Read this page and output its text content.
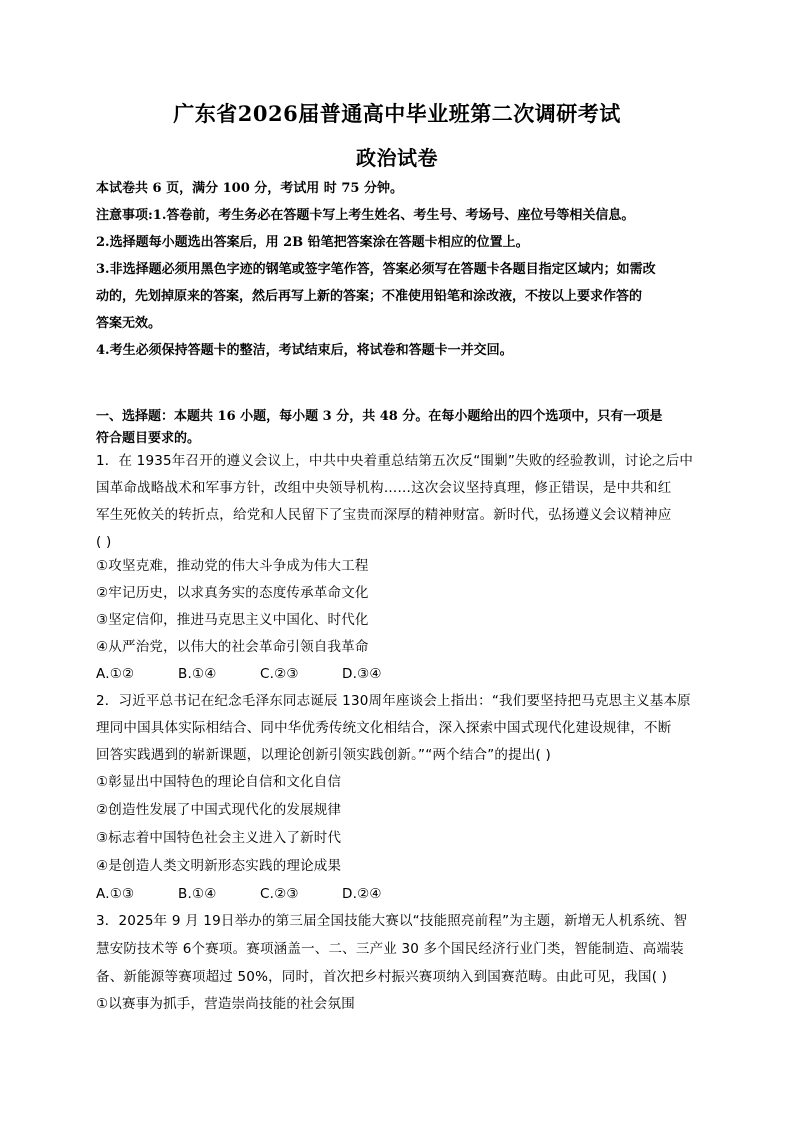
广东省2026届普通高中毕业班第二次调研考试
政治试卷
本试卷共 6 页，满分 100 分，考试用 时 75 分钟。
注意事项:1.答卷前，考生务必在答题卡写上考生姓名、考生号、考场号、座位号等相关信息。
2.选择题每小题选出答案后，用 2B 铅笔把答案涂在答题卡相应的位置上。
3.非选择题必须用黑色字迹的钢笔或签字笔作答，答案必须写在答题卡各题目指定区域内；如需改
动的，先划掉原来的答案，然后再写上新的答案；不准使用铅笔和涂改液，不按以上要求作答的
答案无效。
4.考生必须保持答题卡的整洁，考试结束后，将试卷和答题卡一并交回。
一、选择题：本题共 16 小题，每小题 3 分，共 48 分。在每小题给出的四个选项中，只有一项是
符合题目要求的。
1．在 1935年召开的遵义会议上，中共中央着重总结第五次反“围剿”失败的经验教训，讨论之后中
国革命战略战术和军事方针，改组中央领导机构……这次会议坚持真理，修正错误，是中共和红
军生死攸关的转折点，给党和人民留下了宝贵而深厚的精神财富。新时代，弘扬遵义会议精神应
( )
①攻坚克难，推动党的伟大斗争成为伟大工程
②牢记历史，以求真务实的态度传承革命文化
③坚定信仰，推进马克思主义中国化、时代化
④从严治党，以伟大的社会革命引领自我革命
A.①②	B.①④	C.②③	D.③④
2．习近平总书记在纪念毛泽东同志诞辰 130周年座谈会上指出：“我们要坚持把马克思主义基本原
理同中国具体实际相结合、同中华优秀传统文化相结合，深入探索中国式现代化建设规律，不断
回答实践遇到的崭新课题，以理论创新引领实践创新。”“两个结合”的提出( )
①彰显出中国特色的理论自信和文化自信
②创造性发展了中国式现代化的发展规律
③标志着中国特色社会主义进入了新时代
④是创造人类文明新形态实践的理论成果
A.①③	B.①④	C.②③	D.②④
3．2025年 9 月 19日举办的第三届全国技能大赛以“技能照亮前程”为主题，新增无人机系统、智
慧安防技术等 6个赛项。赛项涵盖一、二、三产业 30 多个国民经济行业门类，智能制造、高端装
备、新能源等赛项超过 50%，同时，首次把乡村振兴赛项纳入到国赛范畴。由此可见，我国( )
①以赛事为抓手，营造崇尚技能的社会氛围
